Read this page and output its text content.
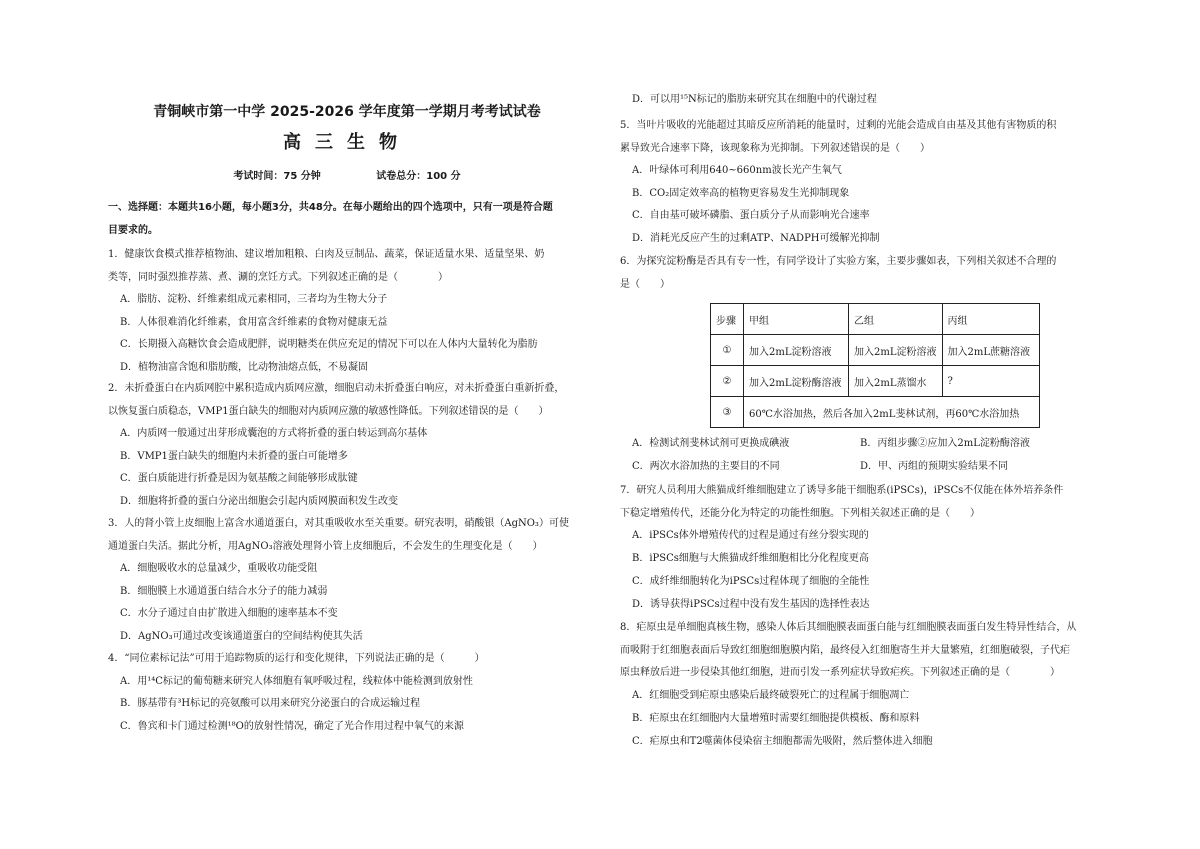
青铜峡市第一中学 2025-2026 学年度第一学期月考考试试卷
高三生物
考试时间：75 分钟	试卷总分：100 分
一、选择题：本题共16小题，每小题3分，共48分。在每小题给出的四个选项中，只有一项是符合题
目要求的。
1．健康饮食模式推荐植物油、建议增加粗粮、白肉及豆制品、蔬菜，保证适量水果、适量坚果、奶
类等，同时强烈推荐蒸、煮、涮的烹饪方式。下列叙述正确的是（　　　　）
A．脂肪、淀粉、纤维素组成元素相同，三者均为生物大分子
B．人体很难消化纤维素，食用富含纤维素的食物对健康无益
C．长期摄入高糖饮食会造成肥胖，说明糖类在供应充足的情况下可以在人体内大量转化为脂肪
D．植物油富含饱和脂肪酸，比动物油熔点低，不易凝固
2．未折叠蛋白在内质网腔中累积造成内质网应激，细胞启动未折叠蛋白响应，对未折叠蛋白重新折叠，
以恢复蛋白质稳态，VMP1蛋白缺失的细胞对内质网应激的敏感性降低。下列叙述错误的是（　　）
A．内质网一般通过出芽形成囊泡的方式将折叠的蛋白转运到高尔基体
B．VMP1蛋白缺失的细胞内未折叠的蛋白可能增多
C．蛋白质能进行折叠是因为氨基酸之间能够形成肽键
D．细胞将折叠的蛋白分泌出细胞会引起内质网膜面积发生改变
3．人的肾小管上皮细胞上富含水通道蛋白，对其重吸收水至关重要。研究表明，硝酸银（AgNO₃）可使
通道蛋白失活。据此分析，用AgNO₃溶液处理肾小管上皮细胞后，不会发生的生理变化是（　　）
A．细胞吸收水的总量减少，重吸收功能受阻
B．细胞膜上水通道蛋白结合水分子的能力减弱
C．水分子通过自由扩散进入细胞的速率基本不变
D．AgNO₃可通过改变该通道蛋白的空间结构使其失活
4．“同位素标记法”可用于追踪物质的运行和变化规律，下列说法正确的是（　　　）
A．用¹⁴C标记的葡萄糖来研究人体细胞有氧呼吸过程，线粒体中能检测到放射性
B．豚基带有³H标记的亮氨酸可以用来研究分泌蛋白的合成运输过程
C．鲁宾和卡门通过检测¹⁸O的放射性情况，确定了光合作用过程中氧气的来源
D．可以用¹⁵N标记的脂肪来研究其在细胞中的代谢过程
5．当叶片吸收的光能超过其暗反应所消耗的能量时，过剩的光能会造成自由基及其他有害物质的积
累导致光合速率下降，该现象称为光抑制。下列叙述错误的是（　　）
A．叶绿体可利用640~660nm波长光产生氧气
B．CO₂固定效率高的植物更容易发生光抑制现象
C．自由基可破坏磷脂、蛋白质分子从而影响光合速率
D．消耗光反应产生的过剩ATP、NADPH可缓解光抑制
6．为探究淀粉酶是否具有专一性，有同学设计了实验方案，主要步骤如表，下列相关叙述不合理的
是（　　）
步骤	甲组	乙组	丙组
①	加入2mL淀粉溶液	加入2mL淀粉溶液	加入2mL蔗糖溶液
②	加入2mL淀粉酶溶液	加入2mL蒸馏水	?
③	60℃水浴加热，然后各加入2mL斐林试剂，再60℃水浴加热		
A．检测试剂斐林试剂可更换成碘液	B．丙组步骤②应加入2mL淀粉酶溶液
C．两次水浴加热的主要目的不同	D．甲、丙组的预期实验结果不同
7．研究人员利用大熊猫成纤维细胞建立了诱导多能干细胞系(iPSCs)，iPSCs不仅能在体外培养条件
下稳定增殖传代，还能分化为特定的功能性细胞。下列相关叙述正确的是（　　）
A．iPSCs体外增殖传代的过程是通过有丝分裂实现的
B．iPSCs细胞与大熊猫成纤维细胞相比分化程度更高
C．成纤维细胞转化为iPSCs过程体现了细胞的全能性
D．诱导获得iPSCs过程中没有发生基因的选择性表达
8．疟原虫是单细胞真核生物，感染人体后其细胞膜表面蛋白能与红细胞膜表面蛋白发生特异性结合，从
而吸附于红细胞表面后导致红细胞细胞膜内陷，最终侵入红细胞寄生并大量繁殖，红细胞破裂，子代疟
原虫释放后进一步侵染其他红细胞，进而引发一系列症状导致疟疾。下列叙述正确的是（　　　　）
A．红细胞受到疟原虫感染后最终破裂死亡的过程属于细胞凋亡
B．疟原虫在红细胞内大量增殖时需要红细胞提供模板、酶和原料
C．疟原虫和T2噬菌体侵染宿主细胞都需先吸附，然后整体进入细胞
